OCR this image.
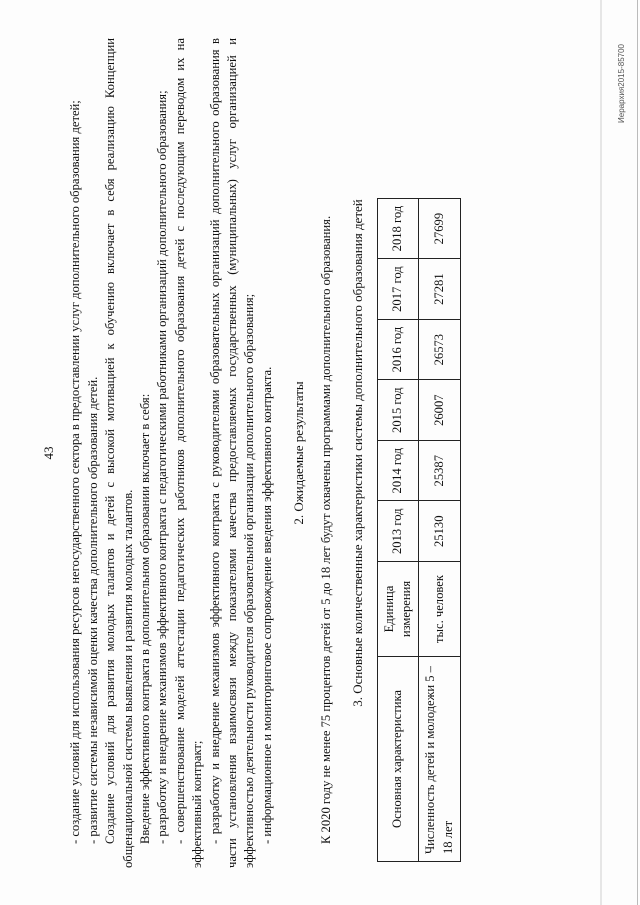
43 - создание условий для использования ресурсов негосударственного сектора в предоставлении услуг дополнительного образования детей; - развитие системы независимой оценки качества дополнительного образования детей. Создание условий для развития молодых талантов и детей с высокой мотивацией к обучению включает в себя реализацию Концепции общенациональной системы выявления и развития молодых талантов. Введение эффективного контракта в дополнительном образовании включает в себя: - разработку и внедрение механизмов эффективного контракта с педагогическими работниками организаций дополнительного образования; - совершенствование моделей аттестации педагогических работников дополнительного образования детей с последующим переводом их на эффективный контракт; - разработку и внедрение механизмов эффективного контракта с руководителями образовательных организаций дополнительного образования в части установления взаимосвязи между показателями качества предоставляемых государственных (муниципальных) услуг организацией и эффективностью деятельности руководителя образовательной организации дополнительного образования; - информационное и мониторинговое сопровождение введения эффективного контракта. 2. Ожидаемые результаты К 2020 году не менее 75 процентов детей от 5 до 18 лет будут охвачены программами дополнительного образования. 3. Основные количественные характеристики системы дополнительного образования детей
Основная характеристика	Единица измерения	2013 год	2014 год	2015 год	2016 год	2017 год	2018 год
Численность детей и молодежи 5 – 18 лет	тыс. человек	25130	25387	26007	26573	27281	27699
Иерархия2015-85700
